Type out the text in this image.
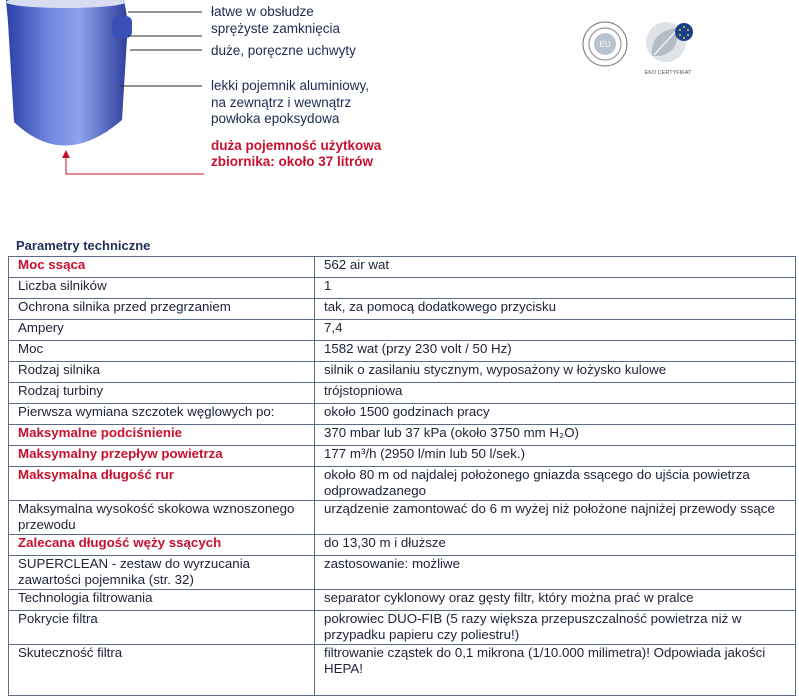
łatwe w obsłudze
sprężyste zamknięcia
duże, poręczne uchwyty
lekki pojemnik aluminiowy,
na zewnątrz i wewnątrz
powłoka epoksydowa
duża pojemność użytkowa
zbiornika: około 37 litrów
EU
EKO CERTYFIKAT
Parametry techniczne
Moc ssąca	562 air wat
Liczba silników	1
Ochrona silnika przed przegrzaniem	tak, za pomocą dodatkowego przycisku
Ampery	7,4
Moc	1582 wat (przy 230 volt / 50 Hz)
Rodzaj silnika	silnik o zasilaniu stycznym, wyposażony w łożysko kulowe
Rodzaj turbiny	trójstopniowa
Pierwsza wymiana szczotek węglowych po:	około 1500 godzinach pracy
Maksymalne podciśnienie	370 mbar lub 37 kPa (około 3750 mm H₂O)
Maksymalny przepływ powietrza	177 m³/h (2950 l/min lub 50 l/sek.)
Maksymalna długość rur	około 80 m od najdalej położonego gniazda ssącego do ujścia powietrza odprowadzanego
Maksymalna wysokość skokowa wznoszonego przewodu	urządzenie zamontować do 6 m wyżej niż położone najniżej przewody ssące
Zalecana długość węży ssących	do 13,30 m i dłuższe
SUPERCLEAN - zestaw do wyrzucania zawartości pojemnika (str. 32)	zastosowanie: możliwe
Technologia filtrowania	separator cyklonowy oraz gęsty filtr, który można prać w pralce
Pokrycie filtra	pokrowiec DUO-FIB (5 razy większa przepuszczalność powietrza niż w przypadku papieru czy poliestru!)
Skuteczność filtra	filtrowanie cząstek do 0,1 mikrona (1/10.000 milimetra)! Odpowiada jakości HEPA!
